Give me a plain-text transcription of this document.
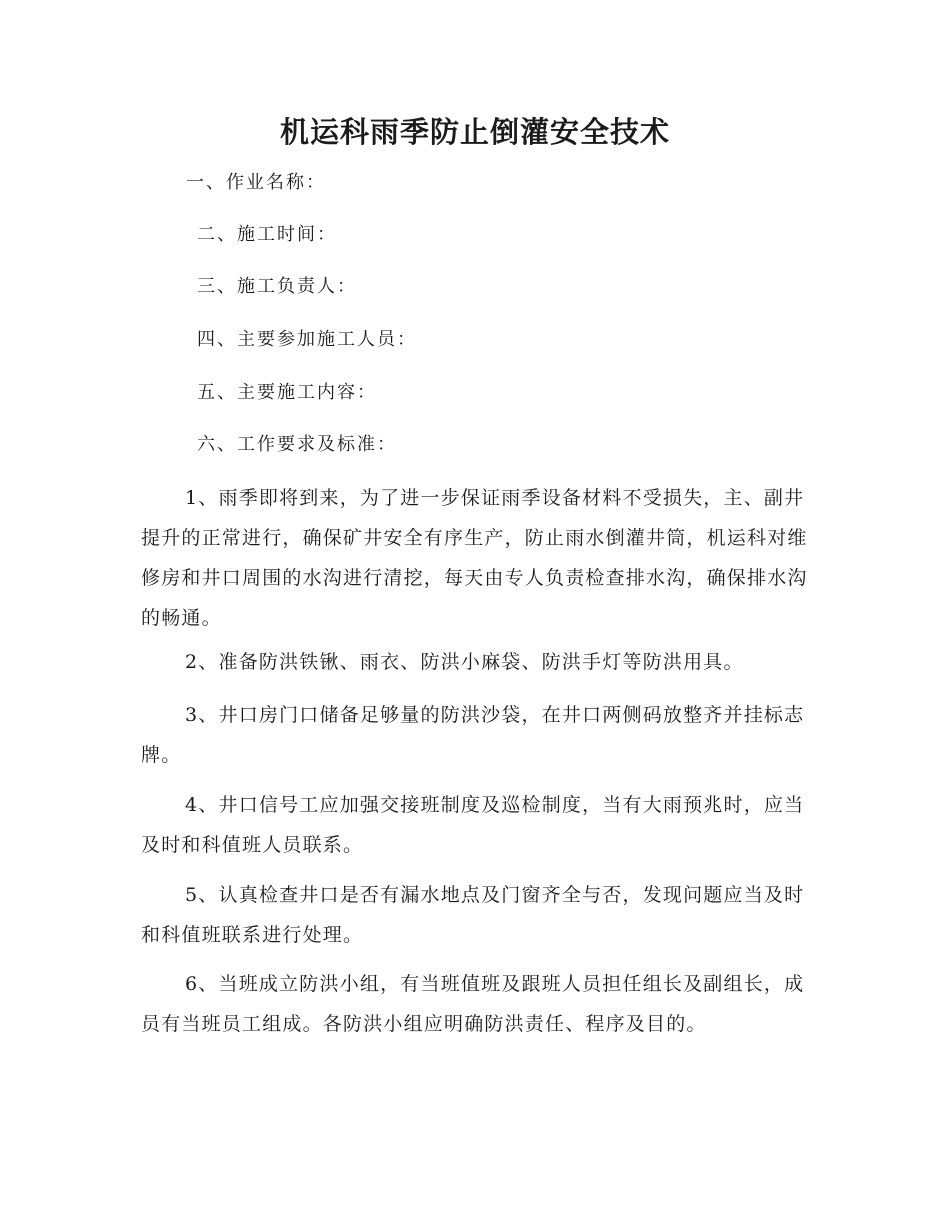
机运科雨季防止倒灌安全技术

一、作业名称：

二、施工时间：

三、施工负责人：

四、主要参加施工人员：

五、主要施工内容：

六、工作要求及标准：

1、雨季即将到来，为了进一步保证雨季设备材料不受损失，主、副井提升的正常进行，确保矿井安全有序生产，防止雨水倒灌井筒，机运科对维修房和井口周围的水沟进行清挖，每天由专人负责检查排水沟，确保排水沟的畅通。

2、准备防洪铁锹、雨衣、防洪小麻袋、防洪手灯等防洪用具。

3、井口房门口储备足够量的防洪沙袋，在井口两侧码放整齐并挂标志牌。

4、井口信号工应加强交接班制度及巡检制度，当有大雨预兆时，应当及时和科值班人员联系。

5、认真检查井口是否有漏水地点及门窗齐全与否，发现问题应当及时和科值班联系进行处理。

6、当班成立防洪小组，有当班值班及跟班人员担任组长及副组长，成员有当班员工组成。各防洪小组应明确防洪责任、程序及目的。
